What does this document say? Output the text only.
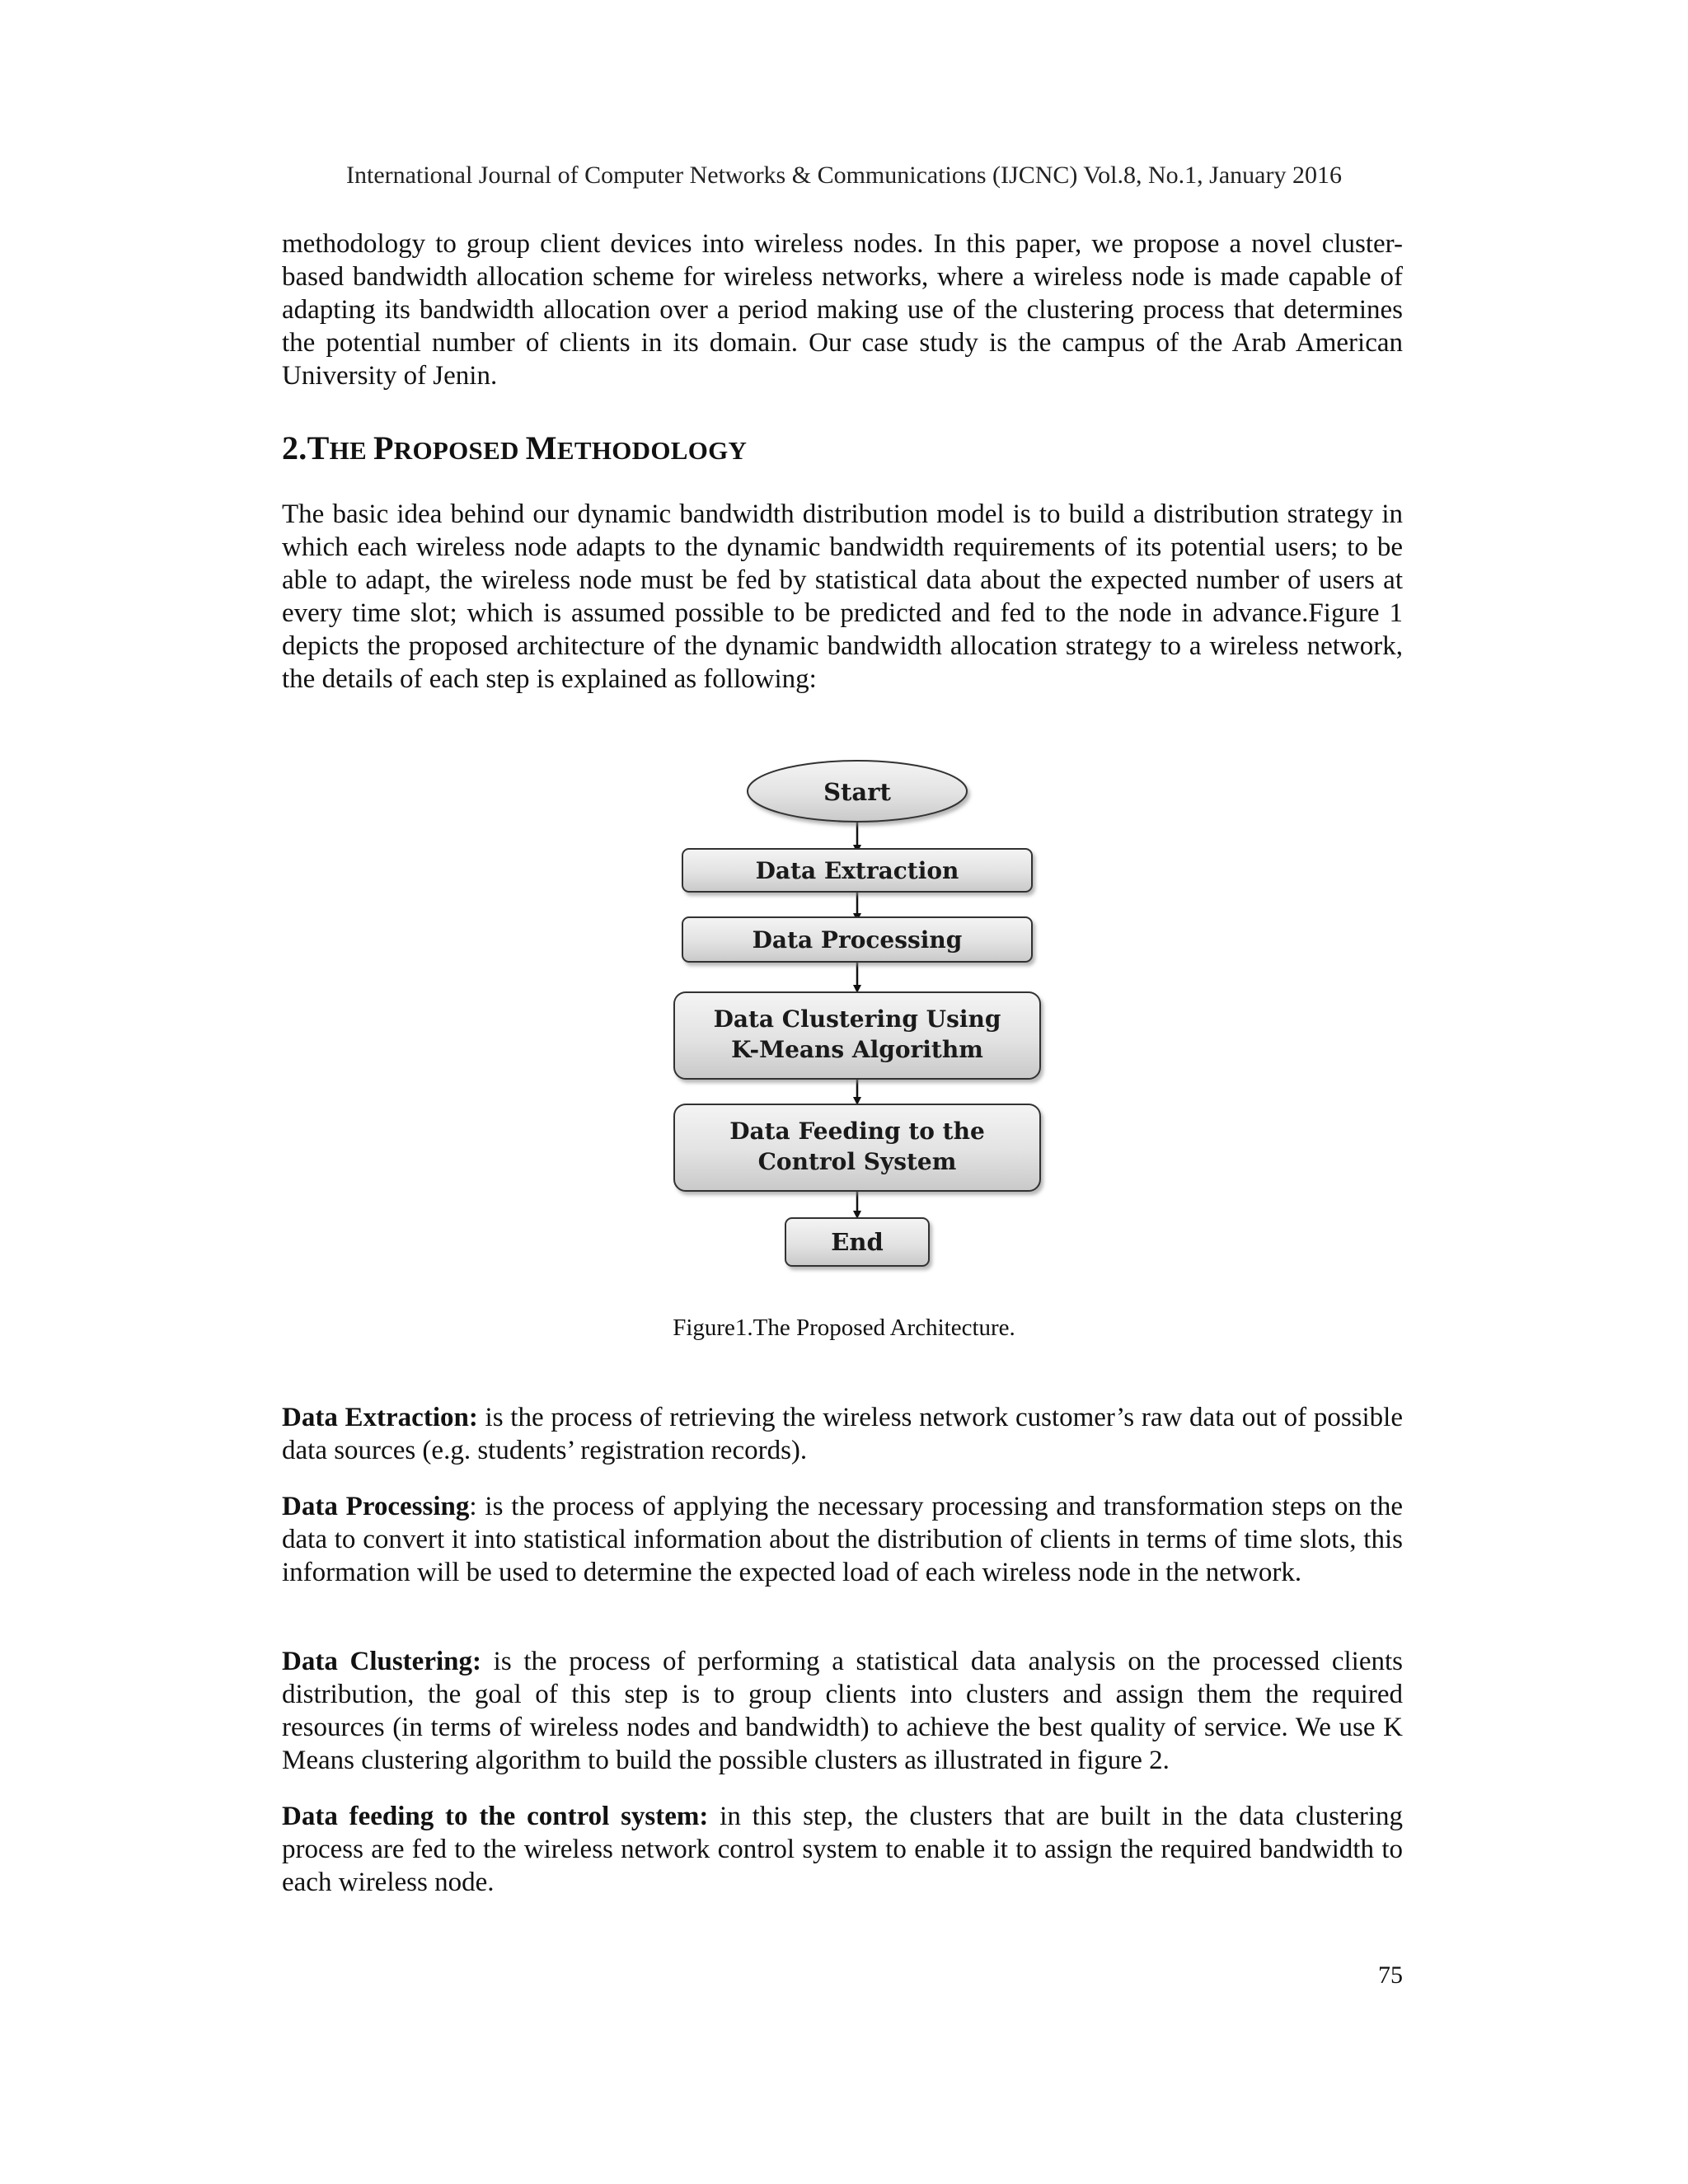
International Journal of Computer Networks & Communications (IJCNC) Vol.8, No.1, January 2016

methodology to group client devices into wireless nodes. In this paper, we propose a novel cluster-based bandwidth allocation scheme for wireless networks, where a wireless node is made capable of adapting its bandwidth allocation over a period making use of the clustering process that determines the potential number of clients in its domain. Our case study is the campus of the Arab American University of Jenin.

2.THE PROPOSED METHODOLOGY

The basic idea behind our dynamic bandwidth distribution model is to build a distribution strategy in which each wireless node adapts to the dynamic bandwidth requirements of its potential users; to be able to adapt, the wireless node must be fed by statistical data about the expected number of users at every time slot; which is assumed possible to be predicted and fed to the node in advance.Figure 1 depicts the proposed architecture of the dynamic bandwidth allocation strategy to a wireless network, the details of each step is explained as following:

Start
Data Extraction
Data Processing
Data Clustering Using
K-Means Algorithm
Data Feeding to the
Control System
End
Figure1.The Proposed Architecture.

Data Extraction: is the process of retrieving the wireless network customer’s raw data out of possible data sources (e.g. students’ registration records).

Data Processing: is the process of applying the necessary processing and transformation steps on the data to convert it into statistical information about the distribution of clients in terms of time slots, this information will be used to determine the expected load of each wireless node in the network.

Data Clustering: is the process of performing a statistical data analysis on the processed clients distribution, the goal of this step is to group clients into clusters and assign them the required resources (in terms of wireless nodes and bandwidth) to achieve the best quality of service. We use K Means clustering algorithm to build the possible clusters as illustrated in figure 2.

Data feeding to the control system: in this step, the clusters that are built in the data clustering process are fed to the wireless network control system to enable it to assign the required bandwidth to each wireless node.

75
